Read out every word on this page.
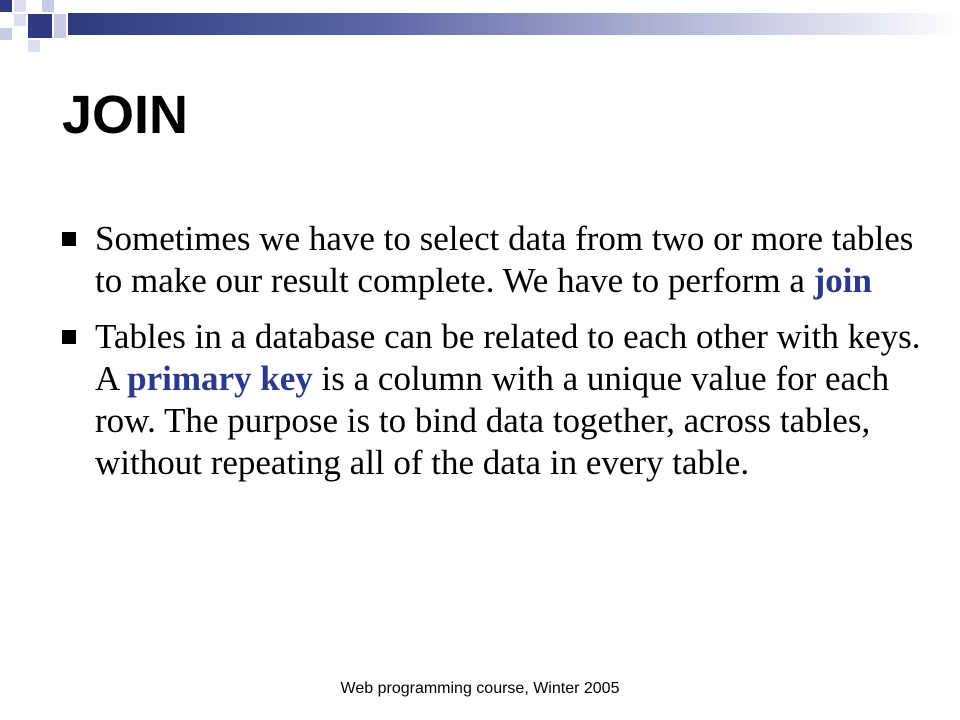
JOIN
Sometimes we have to select data from two or more tables to make our result complete. We have to perform a join
Tables in a database can be related to each other with keys. A primary key is a column with a unique value for each row. The purpose is to bind data together, across tables, without repeating all of the data in every table.
Web programming course, Winter 2005
